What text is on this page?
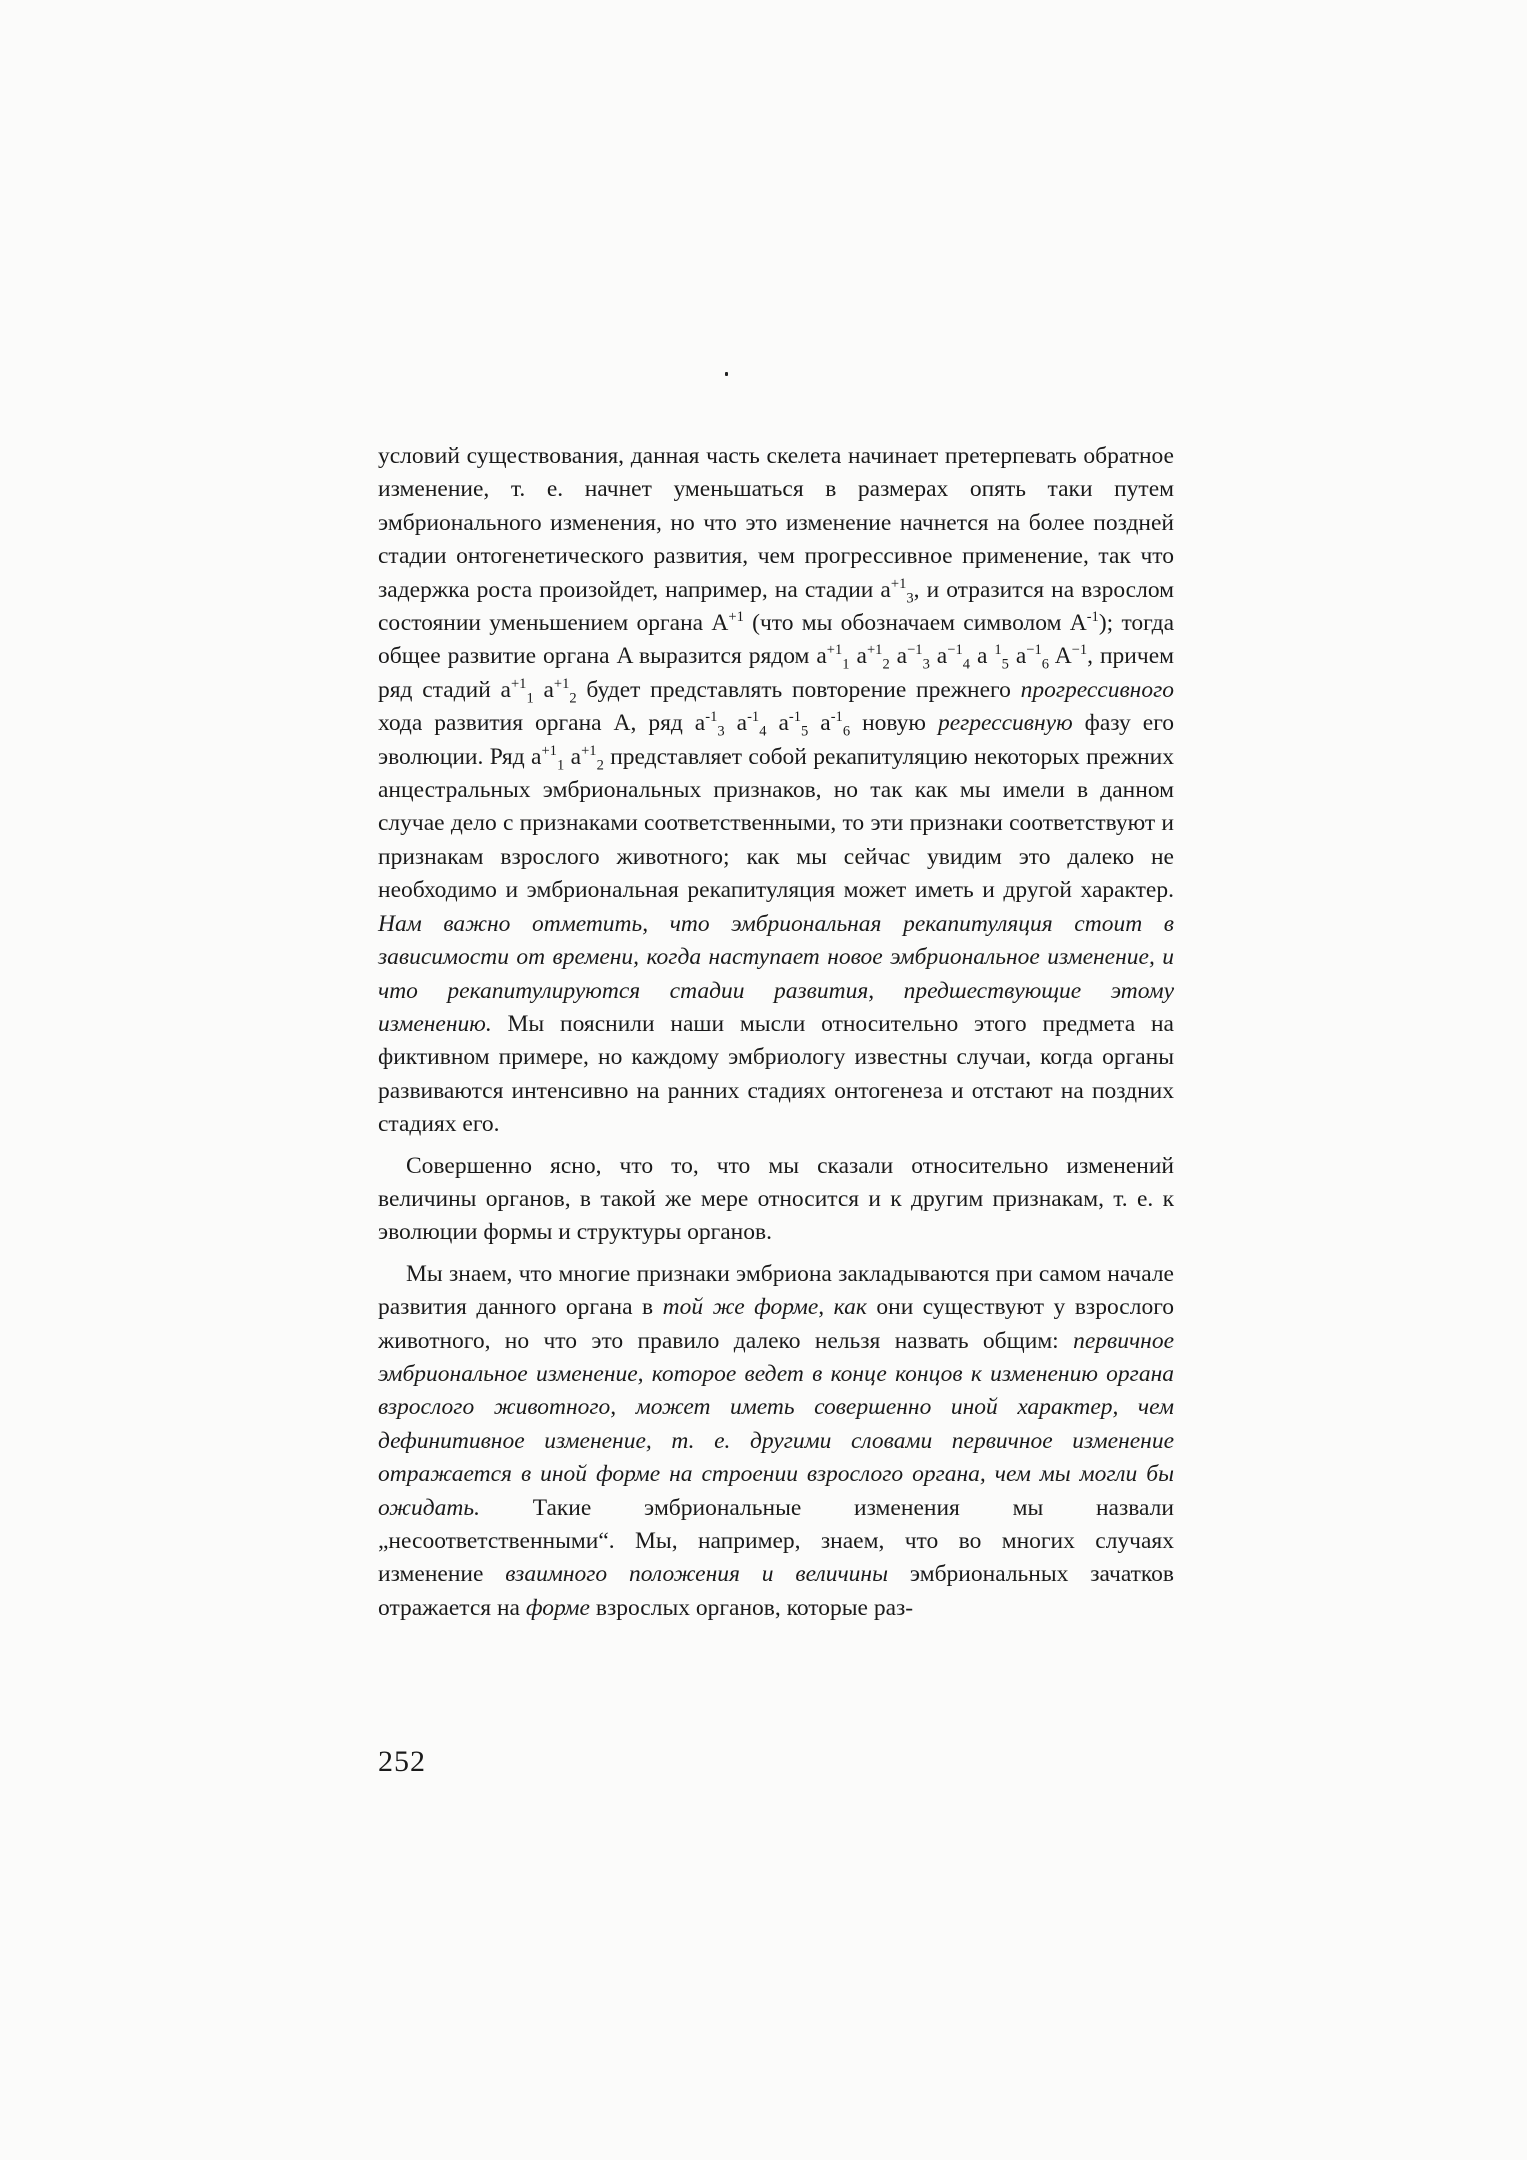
условий существования, данная часть скелета начинает претерпевать обратное изменение, т. е. начнет уменьшаться в размерах опять таки путем эмбрионального изменения, но что это изменение начнется на более поздней стадии онтогенетического развития, чем прогрессивное применение, так что задержка роста произойдет, например, на стадии $a^{+1}_3$, и отразится на взрослом состоянии уменьшением органа $A^{+1}$ (что мы обозначаем символом $A^{-1}$); тогда общее развитие органа A выразится рядом $a^{+1}_1$ $a^{+1}_2$ $a^{-1}_3$ $a^{-1}_4$ a $^1_5$ $a^{-1}_6$ $A^{-1}$, причем ряд стадий $a^{+1}_1$ $a^{+1}_2$ будет представлять повторение прежнего прогрессивного хода развития органа A, ряд $a^{-1}_3$ $a^{-1}_4$ $a^{-1}_5$ $a^{-1}_6$ новую регрессивную фазу его эволюции. Ряд $a^{+1}_1$ $a^{+1}_2$ представляет собой рекапитуляцию некоторых прежних анцестральных эмбриональных признаков, но так как мы имели в данном случае дело с признаками соответственными, то эти признаки соответствуют и признакам взрослого животного; как мы сейчас увидим это далеко не необходимо и эмбриональная рекапитуляция может иметь и другой характер. Нам важно отметить, что эмбриональная рекапитуляция стоит в зависимости от времени, когда наступает новое эмбриональное изменение, и что рекапитулируются стадии развития, предшествующие этому изменению. Мы пояснили наши мысли относительно этого предмета на фиктивном примере, но каждому эмбриологу известны случаи, когда органы развиваются интенсивно на ранних стадиях онтогенеза и отстают на поздних стадиях его.

Совершенно ясно, что то, что мы сказали относительно изменений величины органов, в такой же мере относится и к другим признакам, т. е. к эволюции формы и структуры органов.

Мы знаем, что многие признаки эмбриона закладываются при самом начале развития данного органа в той же форме, как они существуют у взрослого животного, но что это правило далеко нельзя назвать общим: первичное эмбриональное изменение, которое ведет в конце концов к изменению органа взрослого животного, может иметь совершенно иной характер, чем дефинитивное изменение, т. е. другими словами первичное изменение отражается в иной форме на строении взрослого органа, чем мы могли бы ожидать. Такие эмбриональные изменения мы назвали „несоответственными“. Мы, например, знаем, что во многих случаях изменение взаимного положения и величины эмбриональных зачатков отражается на форме взрослых органов, которые раз-

252
